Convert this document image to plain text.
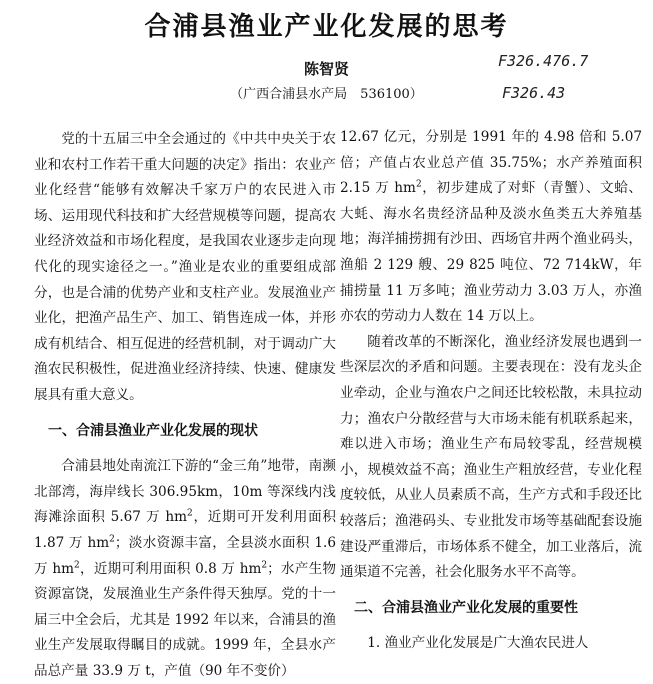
合浦县渔业产业化发展的思考
陈智贤
（广西合浦县水产局　536100）
F326.476.7
F326.43

党的十五届三中全会通过的《中共中央关于农业和农村工作若干重大问题的决定》指出：农业产业化经营“能够有效解决千家万户的农民进入市场、运用现代科技和扩大经营规模等问题，提高农业经济效益和市场化程度，是我国农业逐步走向现代化的现实途径之一。”渔业是农业的重要组成部分，也是合浦的优势产业和支柱产业。发展渔业产业化，把渔产品生产、加工、销售连成一体，并形成有机结合、相互促进的经营机制，对于调动广大渔农民积极性，促进渔业经济持续、快速、健康发展具有重大意义。

一、合浦县渔业产业化发展的现状

合浦县地处南流江下游的“金三角”地带，南濒北部湾，海岸线长 306.95km，10m 等深线内浅海滩涂面积 5.67 万 $hm^2$，近期可开发利用面积 1.87 万 $hm^2$；淡水资源丰富，全县淡水面积 1.6 万 $hm^2$，近期可利用面积 0.8 万 $hm^2$；水产生物资源富饶，发展渔业生产条件得天独厚。党的十一届三中全会后，尤其是 1992 年以来，合浦县的渔业生产发展取得瞩目的成就。1999 年，全县水产品总产量 33.9 万 t，产值（90 年不变价）

12.67 亿元，分别是 1991 年的 4.98 倍和 5.07 倍；产值占农业总产值 35.75%；水产养殖面积 2.15 万 $hm^2$，初步建成了对虾（青蟹）、文蛤、大蚝、海水名贵经济品种及淡水鱼类五大养殖基地；海洋捕捞拥有沙田、西场官井两个渔业码头，渔船 2 129 艘、29 825 吨位、72 714kW，年捕捞量 11 万多吨；渔业劳动力 3.03 万人，亦渔亦农的劳动力人数在 14 万以上。

随着改革的不断深化，渔业经济发展也遇到一些深层次的矛盾和问题。主要表现在：没有龙头企业牵动，企业与渔农户之间还比较松散，未具拉动力；渔农户分散经营与大市场未能有机联系起来，难以进入市场；渔业生产布局较零乱，经营规模小，规模效益不高；渔业生产粗放经营，专业化程度较低，从业人员素质不高，生产方式和手段还比较落后；渔港码头、专业批发市场等基础配套设施建设严重滞后，市场体系不健全，加工业落后，流通渠道不完善，社会化服务水平不高等。

二、合浦县渔业产业化发展的重要性

1. 渔业产业化发展是广大渔农民进人
